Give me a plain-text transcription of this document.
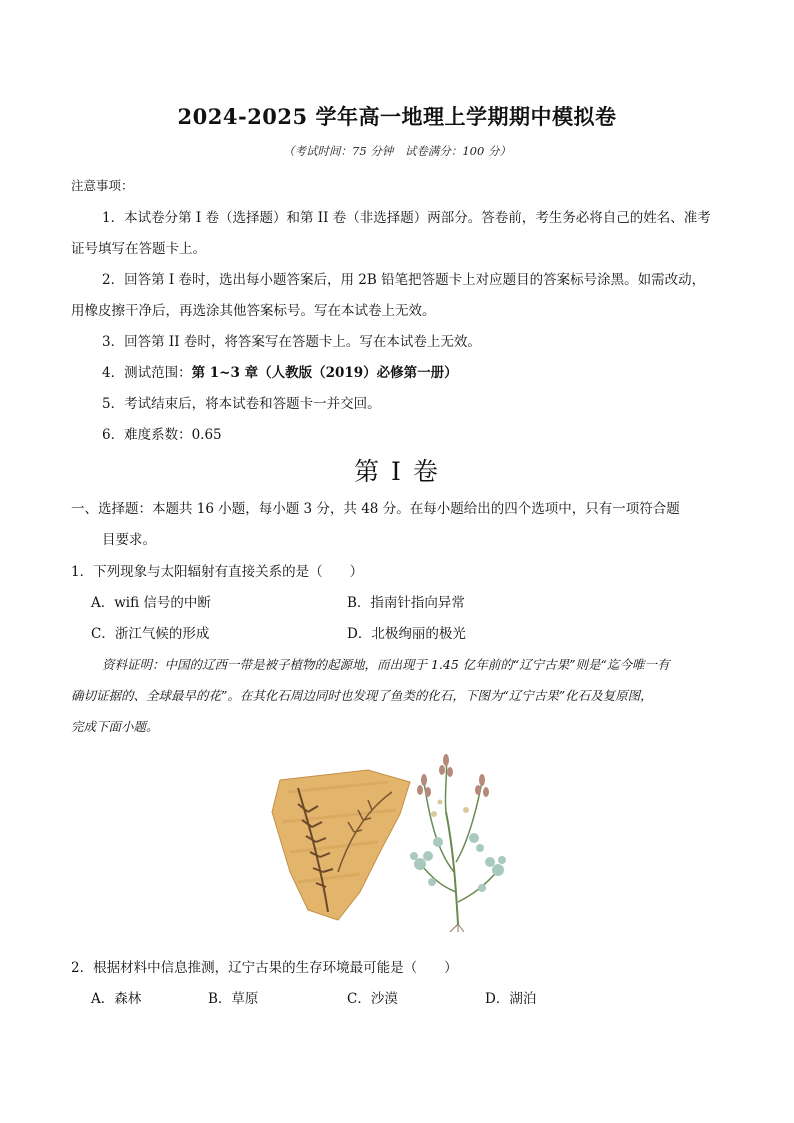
2024-2025 学年高一地理上学期期中模拟卷
（考试时间：75 分钟　试卷满分：100 分）
注意事项：
1．本试卷分第 I 卷（选择题）和第 II 卷（非选择题）两部分。答卷前，考生务必将自己的姓名、准考
证号填写在答题卡上。
2．回答第 I 卷时，选出每小题答案后，用 2B 铅笔把答题卡上对应题目的答案标号涂黑。如需改动，
用橡皮擦干净后，再选涂其他答案标号。写在本试卷上无效。
3．回答第 II 卷时，将答案写在答题卡上。写在本试卷上无效。
4．测试范围：第 1~3 章（人教版（2019）必修第一册）
5．考试结束后，将本试卷和答题卡一并交回。
6．难度系数：0.65
第 I 卷
一、选择题：本题共 16 小题，每小题 3 分，共 48 分。在每小题给出的四个选项中，只有一项符合题
目要求。
1．下列现象与太阳辐射有直接关系的是（　　）
A．wifi 信号的中断	B．指南针指向异常
C．浙江气候的形成	D．北极绚丽的极光
资料证明：中国的辽西一带是被子植物的起源地，而出现于 1.45 亿年前的“辽宁古果”则是“迄今唯一有
确切证据的、全球最早的花”。在其化石周边同时也发现了鱼类的化石，下图为“辽宁古果”化石及复原图，
完成下面小题。
2．根据材料中信息推测，辽宁古果的生存环境最可能是（　　）
A．森林	B．草原	C．沙漠	D．湖泊
